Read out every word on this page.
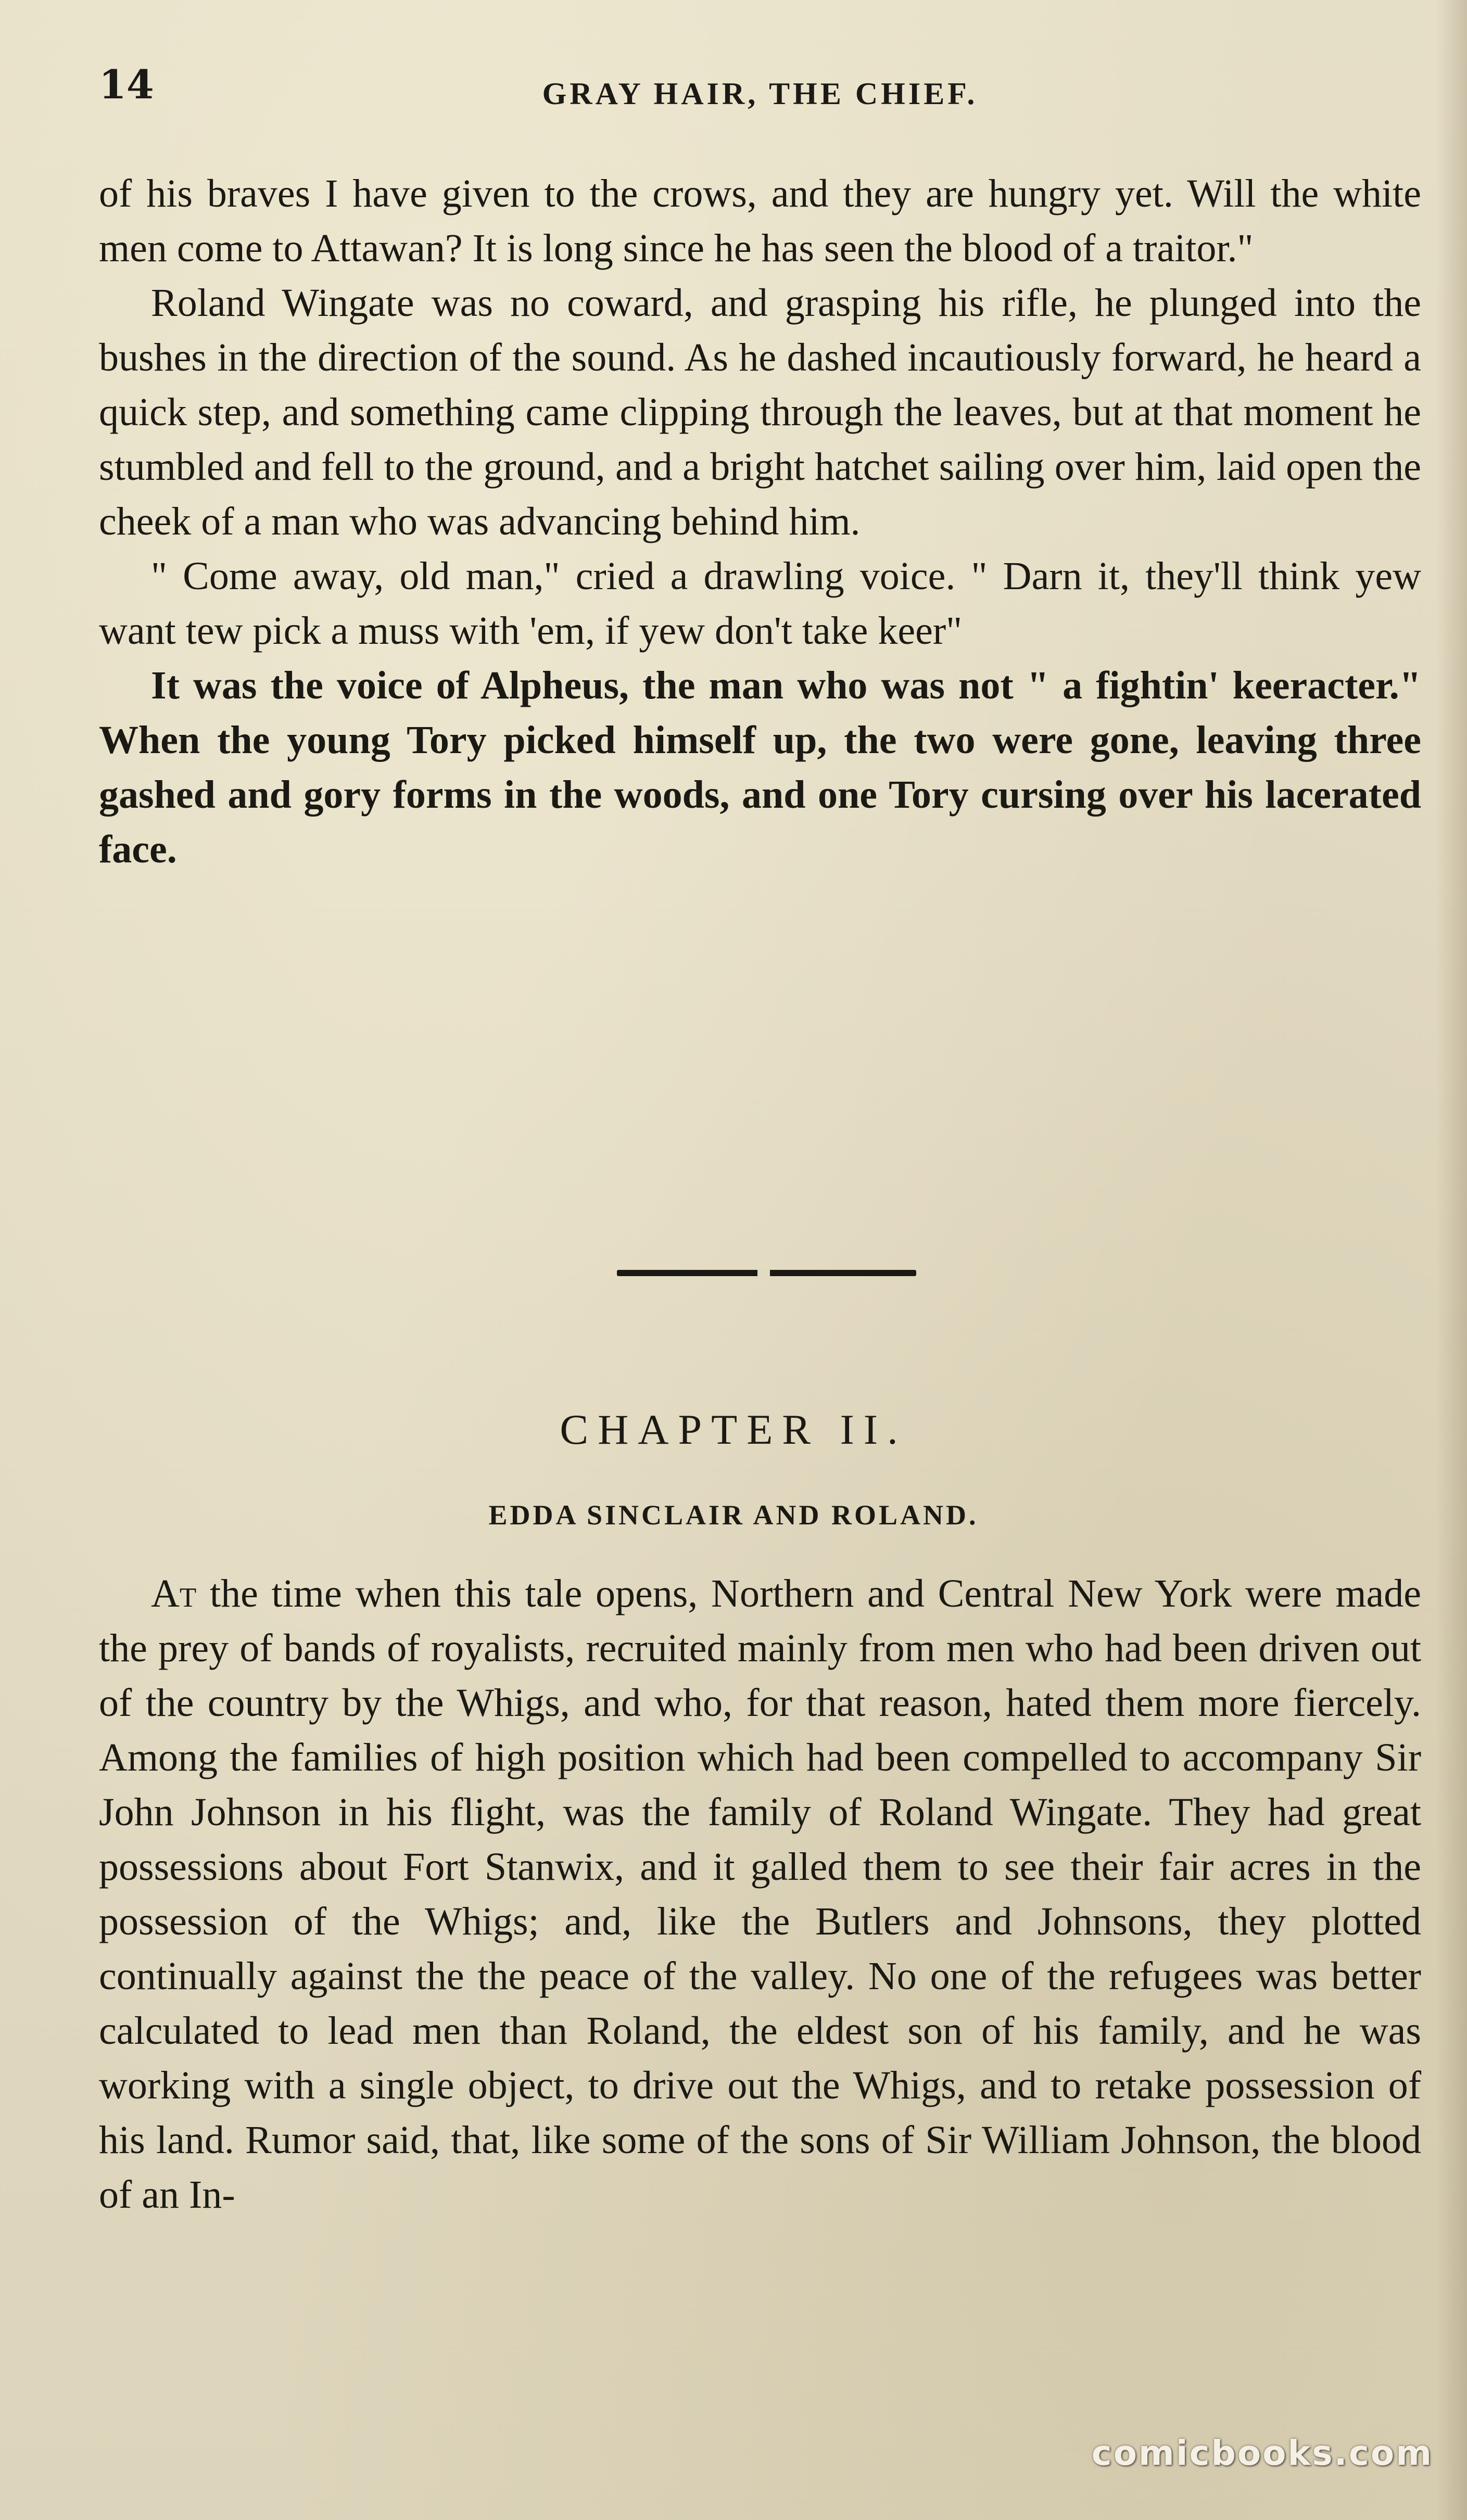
14	GRAY HAIR, THE CHIEF.

of his braves I have given to the crows, and they are hungry yet. Will the white men come to Attawan? It is long since he has seen the blood of a traitor."

Roland Wingate was no coward, and grasping his rifle, he plunged into the bushes in the direction of the sound. As he dashed incautiously forward, he heard a quick step, and something came clipping through the leaves, but at that moment he stumbled and fell to the ground, and a bright hatchet sailing over him, laid open the cheek of a man who was advancing behind him.

" Come away, old man," cried a drawling voice. " Darn it, they'll think yew want tew pick a muss with 'em, if yew don't take keer"

It was the voice of Alpheus, the man who was not " a fightin' keeracter." When the young Tory picked himself up, the two were gone, leaving three gashed and gory forms in the woods, and one Tory cursing over his lacerated face.

CHAPTER II.
EDDA SINCLAIR AND ROLAND.

At the time when this tale opens, Northern and Central New York were made the prey of bands of royalists, recruited mainly from men who had been driven out of the country by the Whigs, and who, for that reason, hated them more fiercely. Among the families of high position which had been compelled to accompany Sir John Johnson in his flight, was the family of Roland Wingate. They had great possessions about Fort Stanwix, and it galled them to see their fair acres in the possession of the Whigs; and, like the Butlers and Johnsons, they plotted continually against the the peace of the valley. No one of the refugees was better calculated to lead men than Roland, the eldest son of his family, and he was working with a single object, to drive out the Whigs, and to retake possession of his land. Rumor said, that, like some of the sons of Sir William Johnson, the blood of an In-

comicbooks.com
